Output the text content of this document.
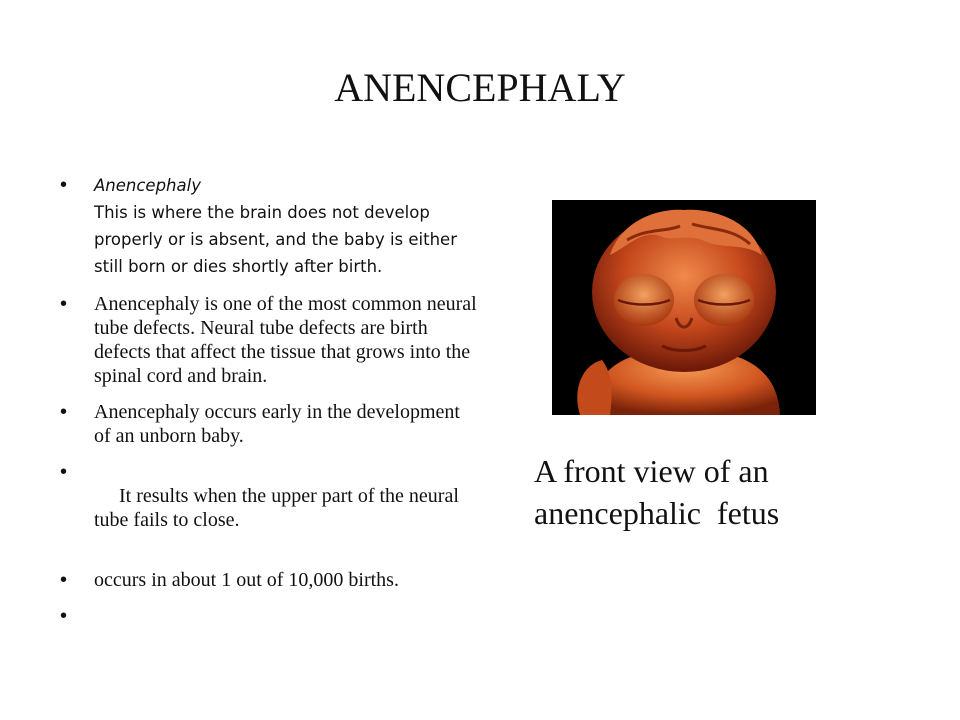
ANENCEPHALY
• Anencephaly
This is where the brain does not develop properly or is absent, and the baby is either still born or dies shortly after birth.
• Anencephaly is one of the most common neural tube defects. Neural tube defects are birth defects that affect the tissue that grows into the spinal cord and brain.
• Anencephaly occurs early in the development of an unborn baby.

•  It results when the upper part of the neural tube fails to close.

• occurs in about 1 out of 10,000 births.
•
A front view of an
anencephalic  fetus
